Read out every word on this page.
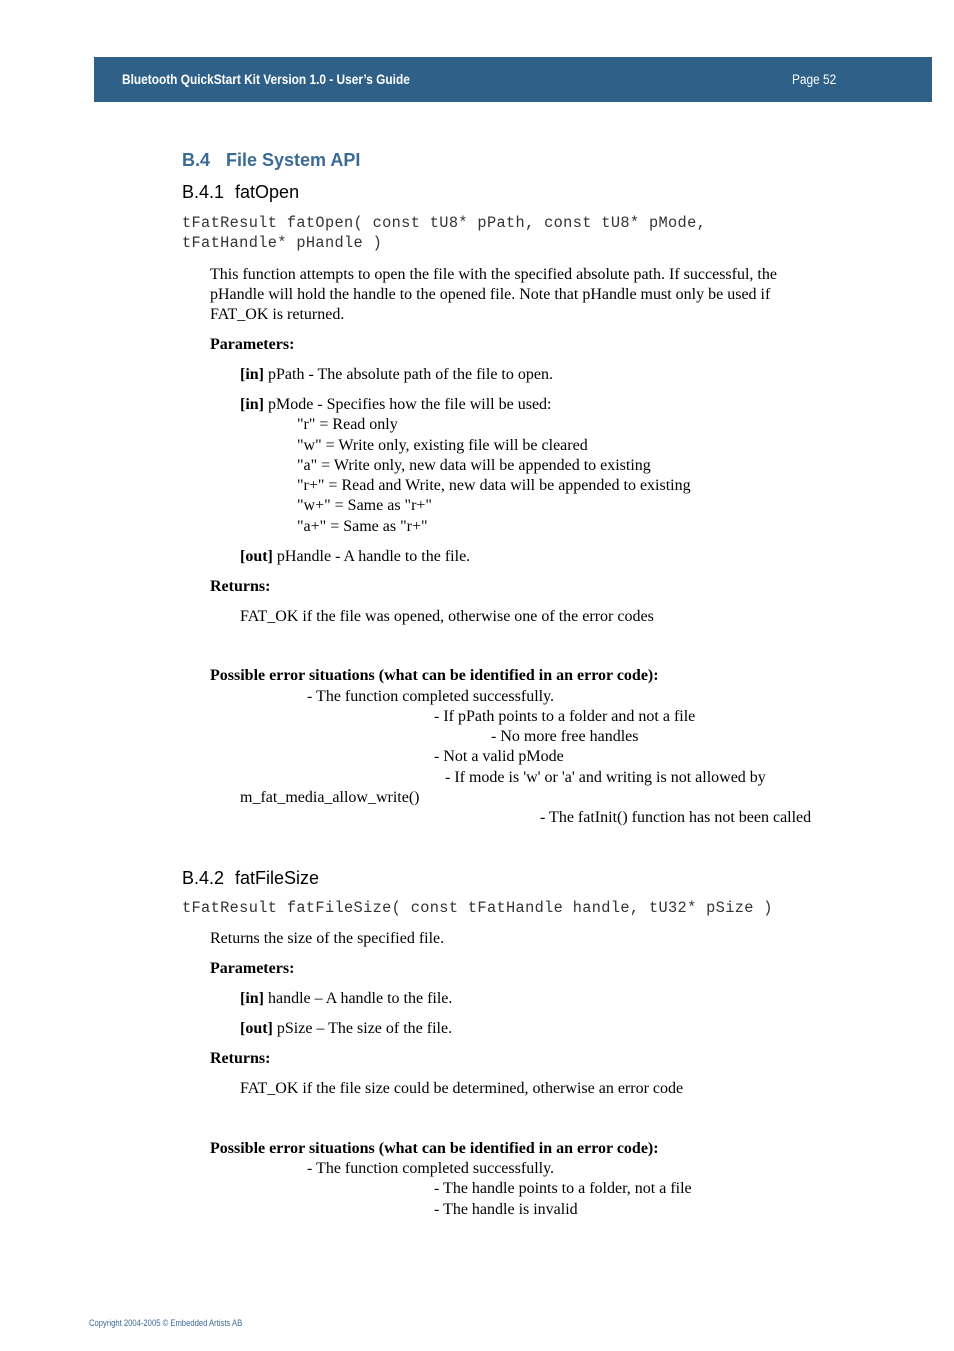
Bluetooth QuickStart Kit Version 1.0 - User’s Guide	Page 52
B.4 File System API
B.4.1 fatOpen
tFatResult fatOpen( const tU8* pPath, const tU8* pMode,
tFatHandle* pHandle )
This function attempts to open the file with the specified absolute path. If successful, the
pHandle will hold the handle to the opened file. Note that pHandle must only be used if
FAT_OK is returned.
Parameters:
[in] pPath - The absolute path of the file to open.
[in] pMode - Specifies how the file will be used:
"r" = Read only
"w" = Write only, existing file will be cleared
"a" = Write only, new data will be appended to existing
"r+" = Read and Write, new data will be appended to existing
"w+" = Same as "r+"
"a+" = Same as "r+"
[out] pHandle - A handle to the file.
Returns:
FAT_OK if the file was opened, otherwise one of the error codes
Possible error situations (what can be identified in an error code):
- The function completed successfully.
- If pPath points to a folder and not a file
- No more free handles
- Not a valid pMode
- If mode is 'w' or 'a' and writing is not allowed by
m_fat_media_allow_write()
- The fatInit() function has not been called
B.4.2 fatFileSize
tFatResult fatFileSize( const tFatHandle handle, tU32* pSize )
Returns the size of the specified file.
Parameters:
[in] handle – A handle to the file.
[out] pSize – The size of the file.
Returns:
FAT_OK if the file size could be determined, otherwise an error code
Possible error situations (what can be identified in an error code):
- The function completed successfully.
- The handle points to a folder, not a file
- The handle is invalid
Copyright 2004-2005 © Embedded Artists AB
